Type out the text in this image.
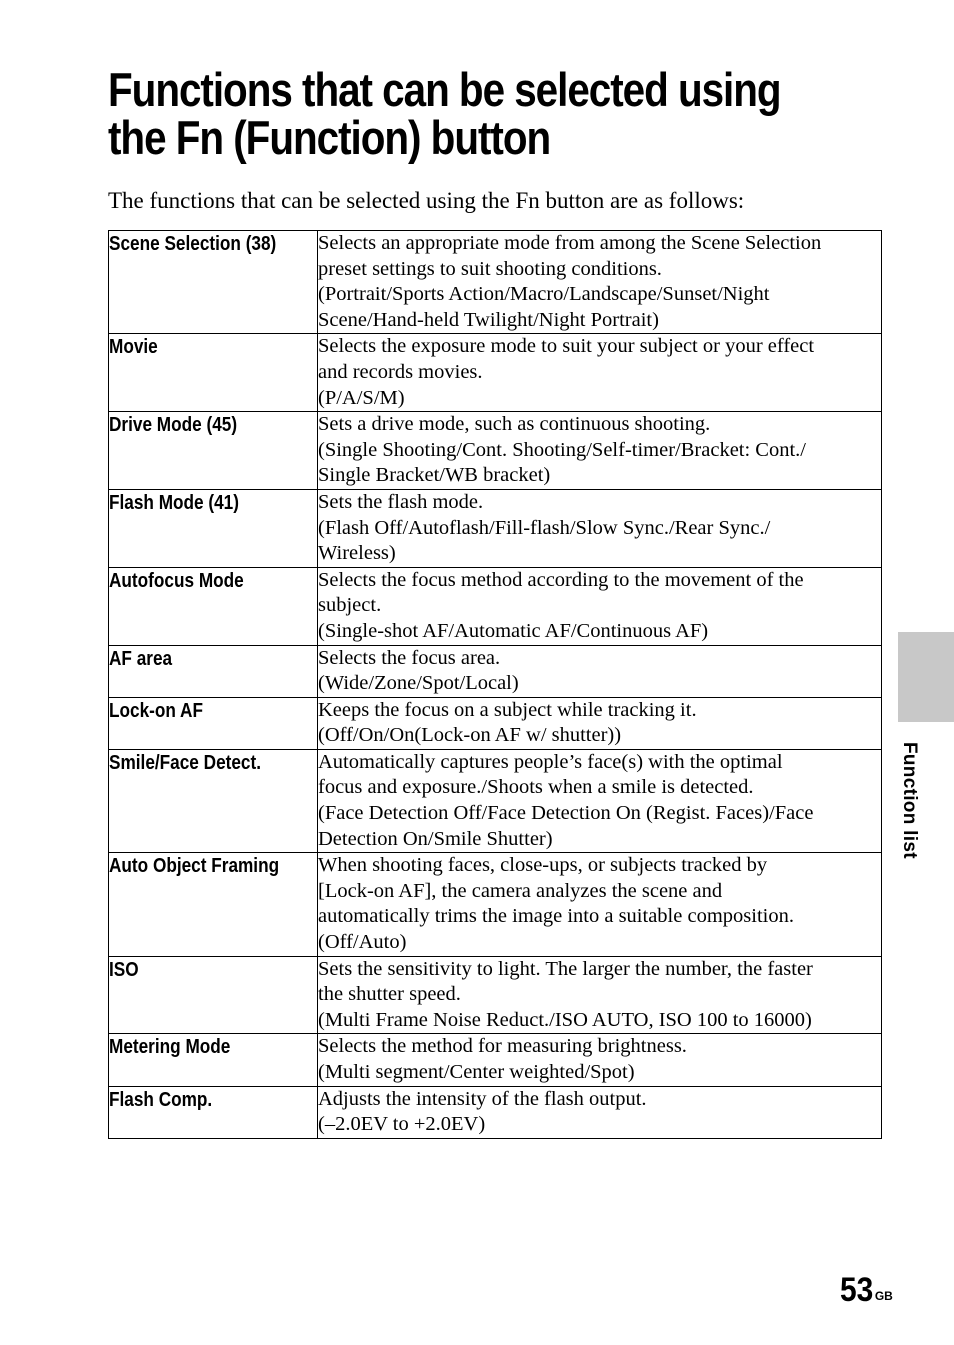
Functions that can be selected using
the Fn (Function) button

The functions that can be selected using the Fn button are as follows:

Scene Selection (38)	Selects an appropriate mode from among the Scene Selection
preset settings to suit shooting conditions.
(Portrait/Sports Action/Macro/Landscape/Sunset/Night
Scene/Hand-held Twilight/Night Portrait)

Movie	Selects the exposure mode to suit your subject or your effect
and records movies.
(P/A/S/M)

Drive Mode (45)	Sets a drive mode, such as continuous shooting.
(Single Shooting/Cont. Shooting/Self-timer/Bracket: Cont./
Single Bracket/WB bracket)

Flash Mode (41)	Sets the flash mode.
(Flash Off/Autoflash/Fill-flash/Slow Sync./Rear Sync./
Wireless)

Autofocus Mode	Selects the focus method according to the movement of the
subject.
(Single-shot AF/Automatic AF/Continuous AF)

AF area	Selects the focus area.
(Wide/Zone/Spot/Local)

Lock-on AF	Keeps the focus on a subject while tracking it.
(Off/On/On(Lock-on AF w/ shutter))

Smile/Face Detect.	Automatically captures people’s face(s) with the optimal
focus and exposure./Shoots when a smile is detected.
(Face Detection Off/Face Detection On (Regist. Faces)/Face
Detection On/Smile Shutter)

Auto Object Framing	When shooting faces, close-ups, or subjects tracked by
[Lock-on AF], the camera analyzes the scene and
automatically trims the image into a suitable composition.
(Off/Auto)

ISO	Sets the sensitivity to light. The larger the number, the faster
the shutter speed.
(Multi Frame Noise Reduct./ISO AUTO, ISO 100 to 16000)

Metering Mode	Selects the method for measuring brightness.
(Multi segment/Center weighted/Spot)

Flash Comp.	Adjusts the intensity of the flash output.
(–2.0EV to +2.0EV)
Function list
53 $^{GB}$
